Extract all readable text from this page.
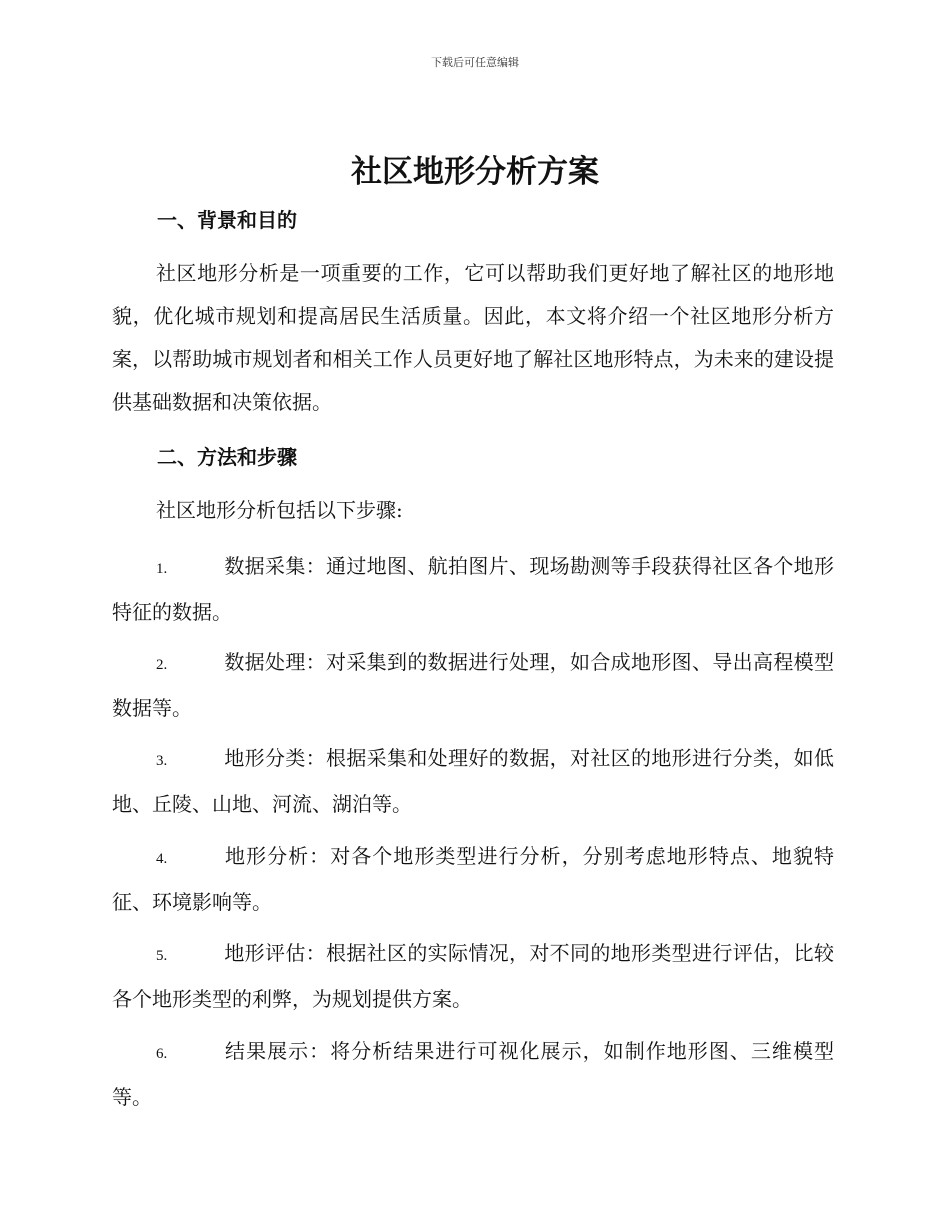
下载后可任意编辑
社区地形分析方案
一、背景和目的

社区地形分析是一项重要的工作，它可以帮助我们更好地了解社区的地形地貌，优化城市规划和提高居民生活质量。因此，本文将介绍一个社区地形分析方案，以帮助城市规划者和相关工作人员更好地了解社区地形特点，为未来的建设提供基础数据和决策依据。

二、方法和步骤

社区地形分析包括以下步骤:

1.	数据采集：通过地图、航拍图片、现场勘测等手段获得社区各个地形特征的数据。

2.	数据处理：对采集到的数据进行处理，如合成地形图、导出高程模型数据等。

3.	地形分类：根据采集和处理好的数据，对社区的地形进行分类，如低地、丘陵、山地、河流、湖泊等。

4.	地形分析：对各个地形类型进行分析，分别考虑地形特点、地貌特征、环境影响等。

5.	地形评估：根据社区的实际情况，对不同的地形类型进行评估，比较各个地形类型的利弊，为规划提供方案。

6.	结果展示：将分析结果进行可视化展示，如制作地形图、三维模型等。
